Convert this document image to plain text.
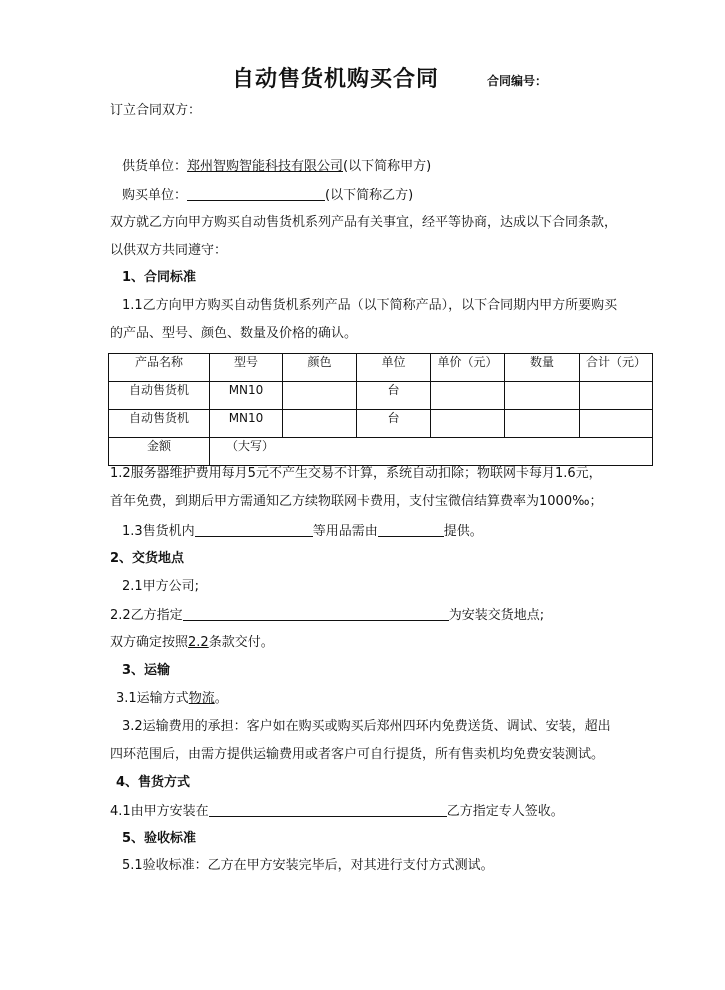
自动售货机购买合同	合同编号：
订立合同双方：
供货单位：郑州智购智能科技有限公司(以下简称甲方)
购买单位：	(以下简称乙方)
双方就乙方向甲方购买自动售货机系列产品有关事宜，经平等协商，达成以下合同条款，
以供双方共同遵守：
1、合同标准
1.1乙方向甲方购买自动售货机系列产品（以下简称产品），以下合同期内甲方所要购买
的产品、型号、颜色、数量及价格的确认。
产品名称	型号	颜色	单位	单价（元）	数量	合计（元）

自动售货机	MN10		台			

自动售货机	MN10		台			

金额	（大写）					
1.2服务器维护费用每月5元不产生交易不计算，系统自动扣除；物联网卡每月1.6元，
首年免费，到期后甲方需通知乙方续物联网卡费用，支付宝微信结算费率为1000‰；
1.3售货机内	等用品需由	提供。
2、交货地点
2.1甲方公司;
2.2乙方指定	为安装交货地点;
双方确定按照2.2条款交付。
3、运输
3.1运输方式物流。
3.2运输费用的承担：客户如在购买或购买后郑州四环内免费送货、调试、安装，超出
四环范围后，由需方提供运输费用或者客户可自行提货，所有售卖机均免费安装测试。
4、售货方式
4.1由甲方安装在	乙方指定专人签收。
5、验收标准
5.1验收标准：乙方在甲方安装完毕后，对其进行支付方式测试。
